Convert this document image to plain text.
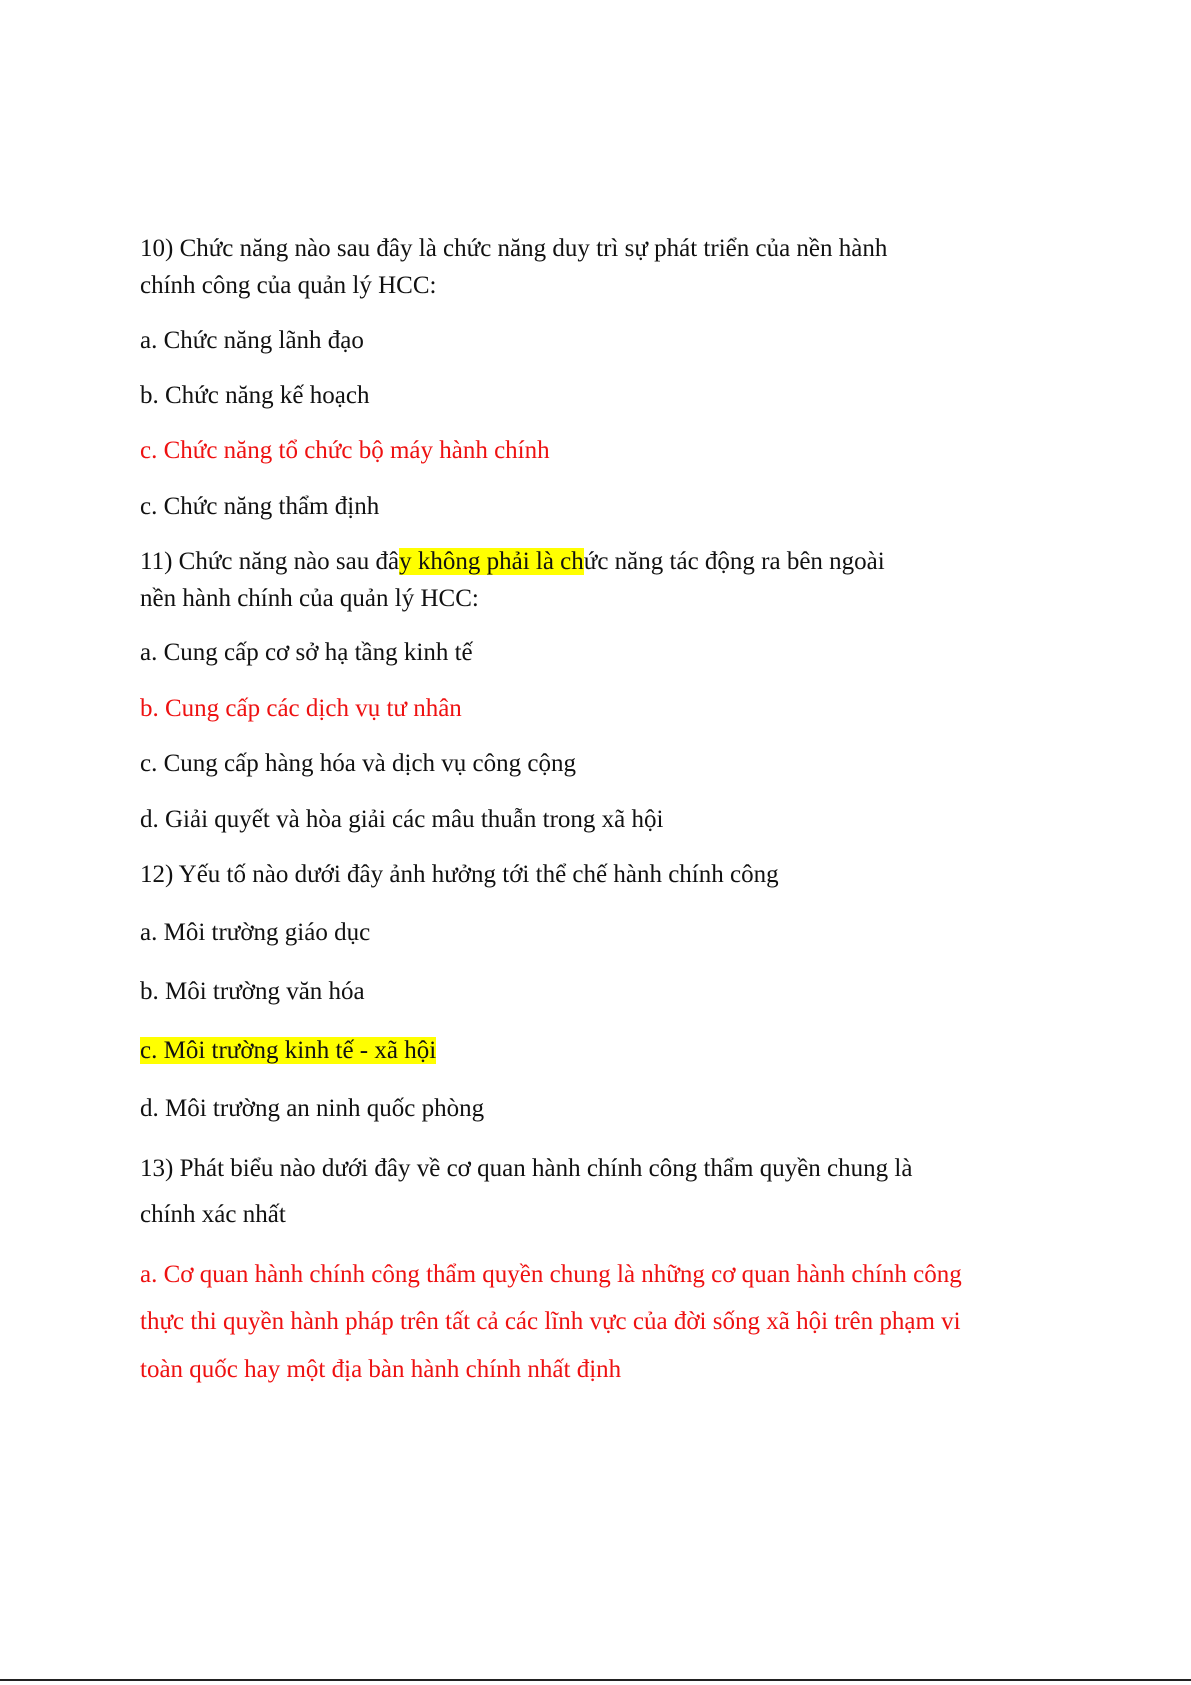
10) Chức năng nào sau đây là chức năng duy trì sự phát triển của nền hành

chính công của quản lý HCC:

a. Chức năng lãnh đạo

b. Chức năng kế hoạch

c. Chức năng tổ chức bộ máy hành chính

c. Chức năng thẩm định

11) Chức năng nào sau đây không phải là chức năng tác động ra bên ngoài

nền hành chính của quản lý HCC:

a. Cung cấp cơ sở hạ tầng kinh tế

b. Cung cấp các dịch vụ tư nhân

c. Cung cấp hàng hóa và dịch vụ công cộng

d. Giải quyết và hòa giải các mâu thuẫn trong xã hội

12) Yếu tố nào dưới đây ảnh hưởng tới thể chế hành chính công

a. Môi trường giáo dục

b. Môi trường văn hóa

c. Môi trường kinh tế - xã hội

d. Môi trường an ninh quốc phòng

13) Phát biểu nào dưới đây về cơ quan hành chính công thẩm quyền chung là

chính xác nhất

a. Cơ quan hành chính công thẩm quyền chung là những cơ quan hành chính công

thực thi quyền hành pháp trên tất cả các lĩnh vực của đời sống xã hội trên phạm vi

toàn quốc hay một địa bàn hành chính nhất định
